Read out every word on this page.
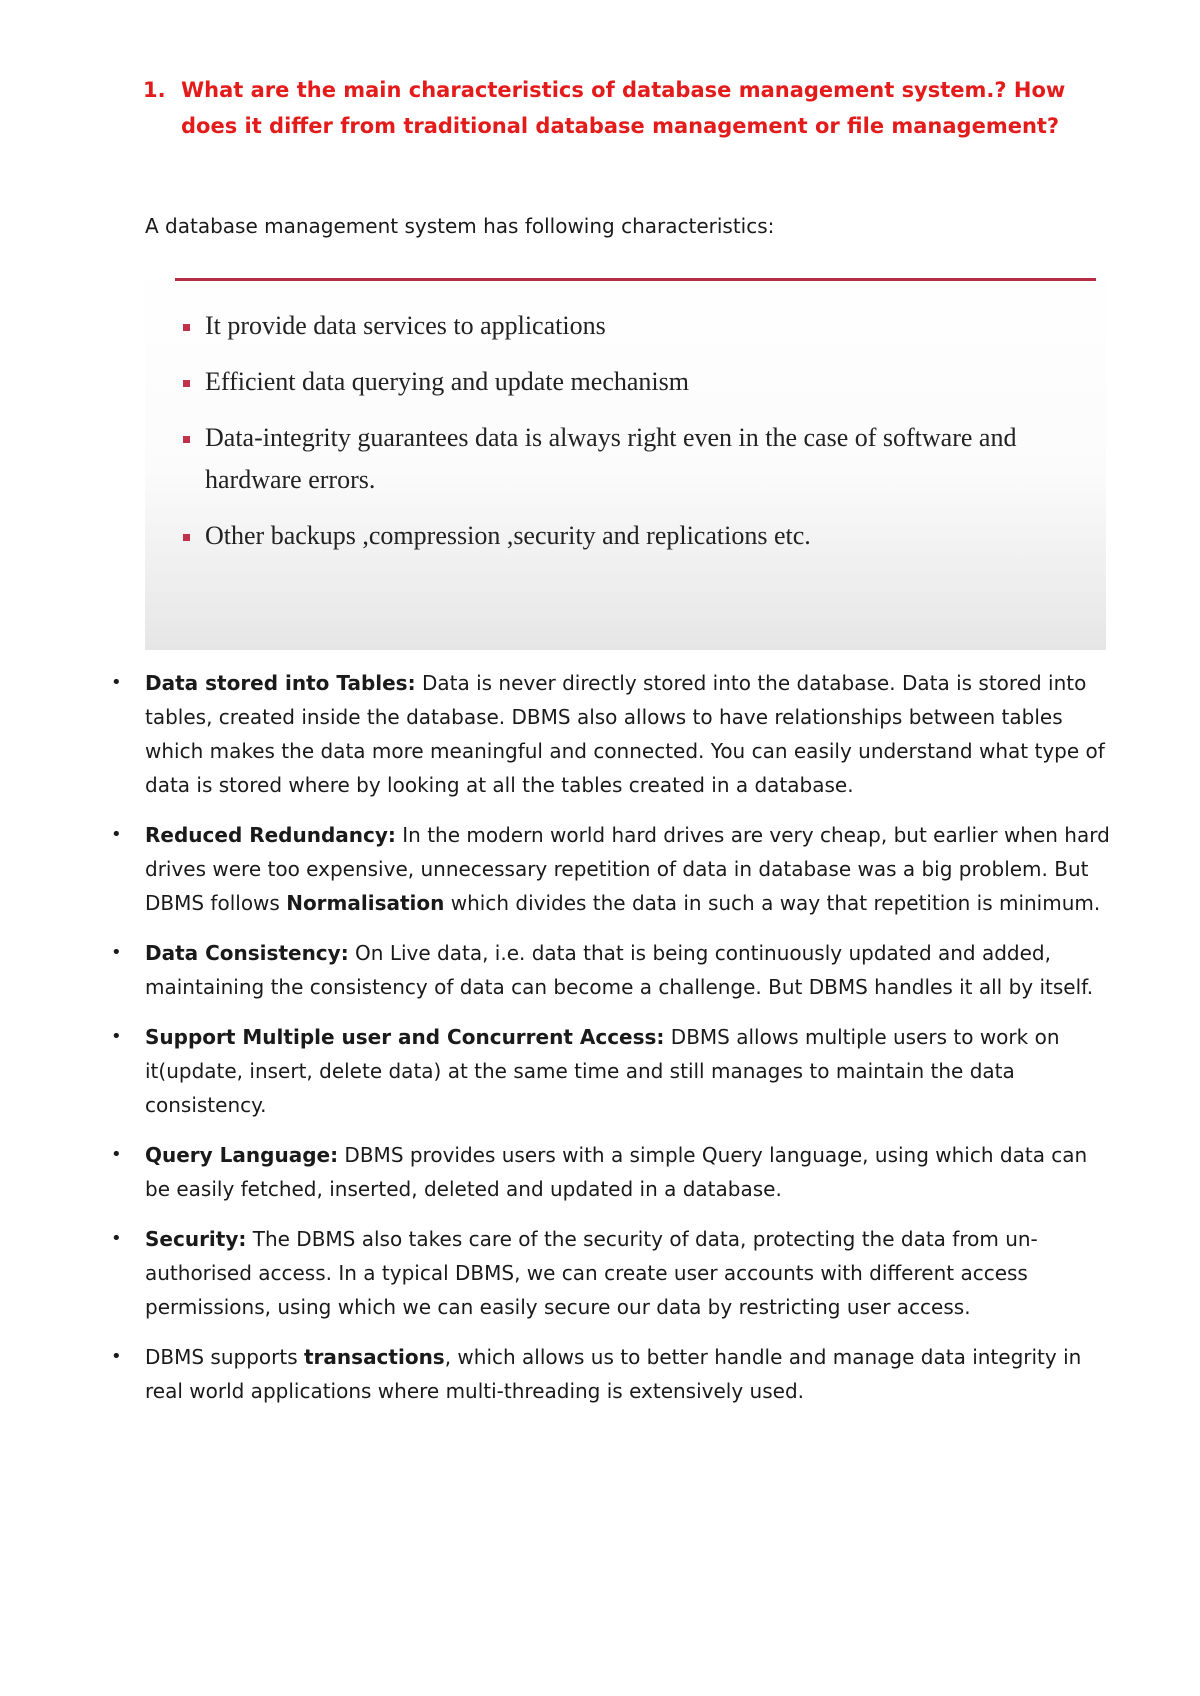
1. What are the main characteristics of database management system.? How does it differ from traditional database management or file management?
A database management system has following characteristics:
It provide data services to applications
Efficient data querying and update mechanism
Data-integrity guarantees data is always right even in the case of software and hardware errors.
Other backups ,compression ,security and replications etc.
• Data stored into Tables: Data is never directly stored into the database. Data is stored into tables, created inside the database. DBMS also allows to have relationships between tables which makes the data more meaningful and connected. You can easily understand what type of data is stored where by looking at all the tables created in a database.
• Reduced Redundancy: In the modern world hard drives are very cheap, but earlier when hard drives were too expensive, unnecessary repetition of data in database was a big problem. But DBMS follows Normalisation which divides the data in such a way that repetition is minimum.
• Data Consistency: On Live data, i.e. data that is being continuously updated and added, maintaining the consistency of data can become a challenge. But DBMS handles it all by itself.
• Support Multiple user and Concurrent Access: DBMS allows multiple users to work on it(update, insert, delete data) at the same time and still manages to maintain the data consistency.
• Query Language: DBMS provides users with a simple Query language, using which data can be easily fetched, inserted, deleted and updated in a database.
• Security: The DBMS also takes care of the security of data, protecting the data from un-authorised access. In a typical DBMS, we can create user accounts with different access permissions, using which we can easily secure our data by restricting user access.
• DBMS supports transactions, which allows us to better handle and manage data integrity in real world applications where multi-threading is extensively used.
